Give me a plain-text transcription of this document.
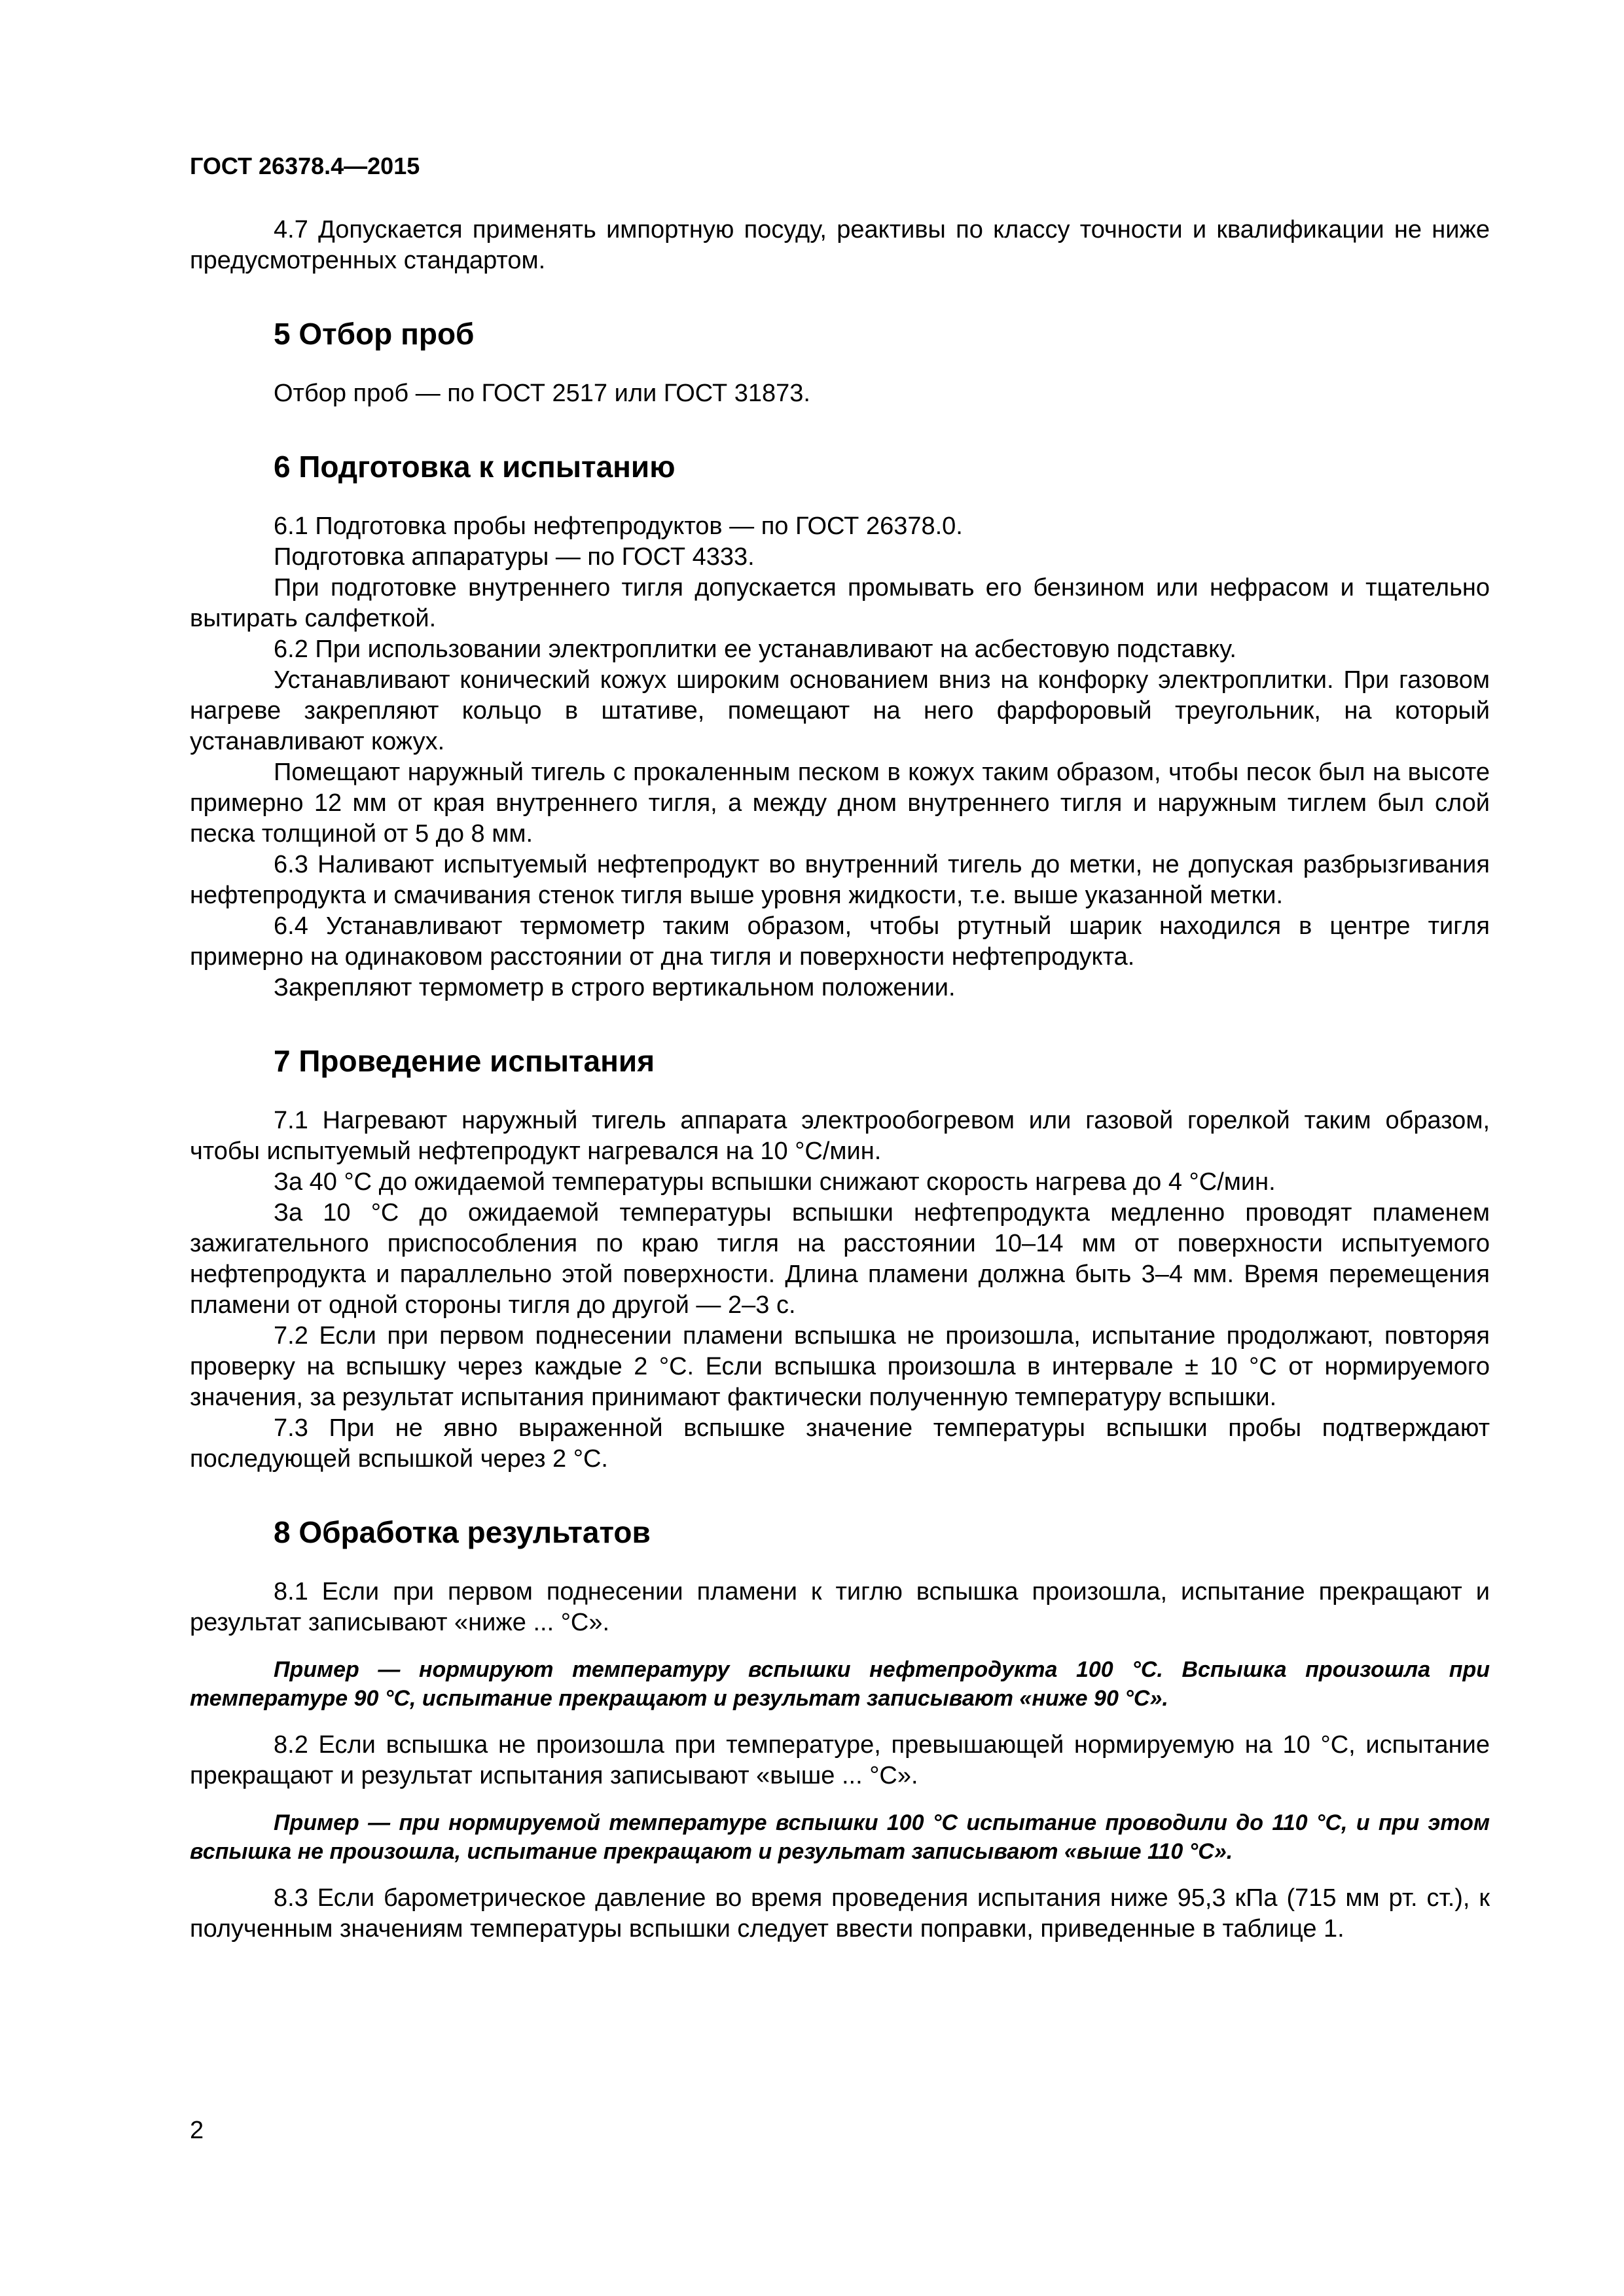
ГОСТ 26378.4—2015

4.7 Допускается применять импортную посуду, реактивы по классу точности и квалификации не ниже предусмотренных стандартом.

5 Отбор проб

Отбор проб — по ГОСТ 2517 или ГОСТ 31873.

6 Подготовка к испытанию

6.1 Подготовка пробы нефтепродуктов — по ГОСТ 26378.0.

Подготовка аппаратуры — по ГОСТ 4333.

При подготовке внутреннего тигля допускается промывать его бензином или нефрасом и тщательно вытирать салфеткой.

6.2 При использовании электроплитки ее устанавливают на асбестовую подставку.

Устанавливают конический кожух широким основанием вниз на конфорку электроплитки. При газовом нагреве закрепляют кольцо в штативе, помещают на него фарфоровый треугольник, на который устанавливают кожух.

Помещают наружный тигель с прокаленным песком в кожух таким образом, чтобы песок был на высоте примерно 12 мм от края внутреннего тигля, а между дном внутреннего тигля и наружным тиглем был слой песка толщиной от 5 до 8 мм.

6.3 Наливают испытуемый нефтепродукт во внутренний тигель до метки, не допуская разбрызгивания нефтепродукта и смачивания стенок тигля выше уровня жидкости, т.е. выше указанной метки.

6.4 Устанавливают термометр таким образом, чтобы ртутный шарик находился в центре тигля примерно на одинаковом расстоянии от дна тигля и поверхности нефтепродукта.

Закрепляют термометр в строго вертикальном положении.

7 Проведение испытания

7.1 Нагревают наружный тигель аппарата электрообогревом или газовой горелкой таким образом, чтобы испытуемый нефтепродукт нагревался на 10 °С/мин.

За 40 °С до ожидаемой температуры вспышки снижают скорость нагрева до 4 °С/мин.

За 10 °С до ожидаемой температуры вспышки нефтепродукта медленно проводят пламенем зажигательного приспособления по краю тигля на расстоянии 10–14 мм от поверхности испытуемого нефтепродукта и параллельно этой поверхности. Длина пламени должна быть 3–4 мм. Время перемещения пламени от одной стороны тигля до другой — 2–3 с.

7.2 Если при первом поднесении пламени вспышка не произошла, испытание продолжают, повторяя проверку на вспышку через каждые 2 °С. Если вспышка произошла в интервале ± 10 °С от нормируемого значения, за результат испытания принимают фактически полученную температуру вспышки.

7.3 При не явно выраженной вспышке значение температуры вспышки пробы подтверждают последующей вспышкой через 2 °С.

8 Обработка результатов

8.1 Если при первом поднесении пламени к тиглю вспышка произошла, испытание прекращают и результат записывают «ниже ... °С».

Пример — нормируют температуру вспышки нефтепродукта 100 °С. Вспышка произошла при температуре 90 °С, испытание прекращают и результат записывают «ниже 90 °С».

8.2 Если вспышка не произошла при температуре, превышающей нормируемую на 10 °С, испытание прекращают и результат испытания записывают «выше ... °С».

Пример — при нормируемой температуре вспышки 100 °С испытание проводили до 110 °С, и при этом вспышка не произошла, испытание прекращают и результат записывают «выше 110 °С».

8.3 Если барометрическое давление во время проведения испытания ниже 95,3 кПа (715 мм рт. ст.), к полученным значениям температуры вспышки следует ввести поправки, приведенные в таблице 1.

2
